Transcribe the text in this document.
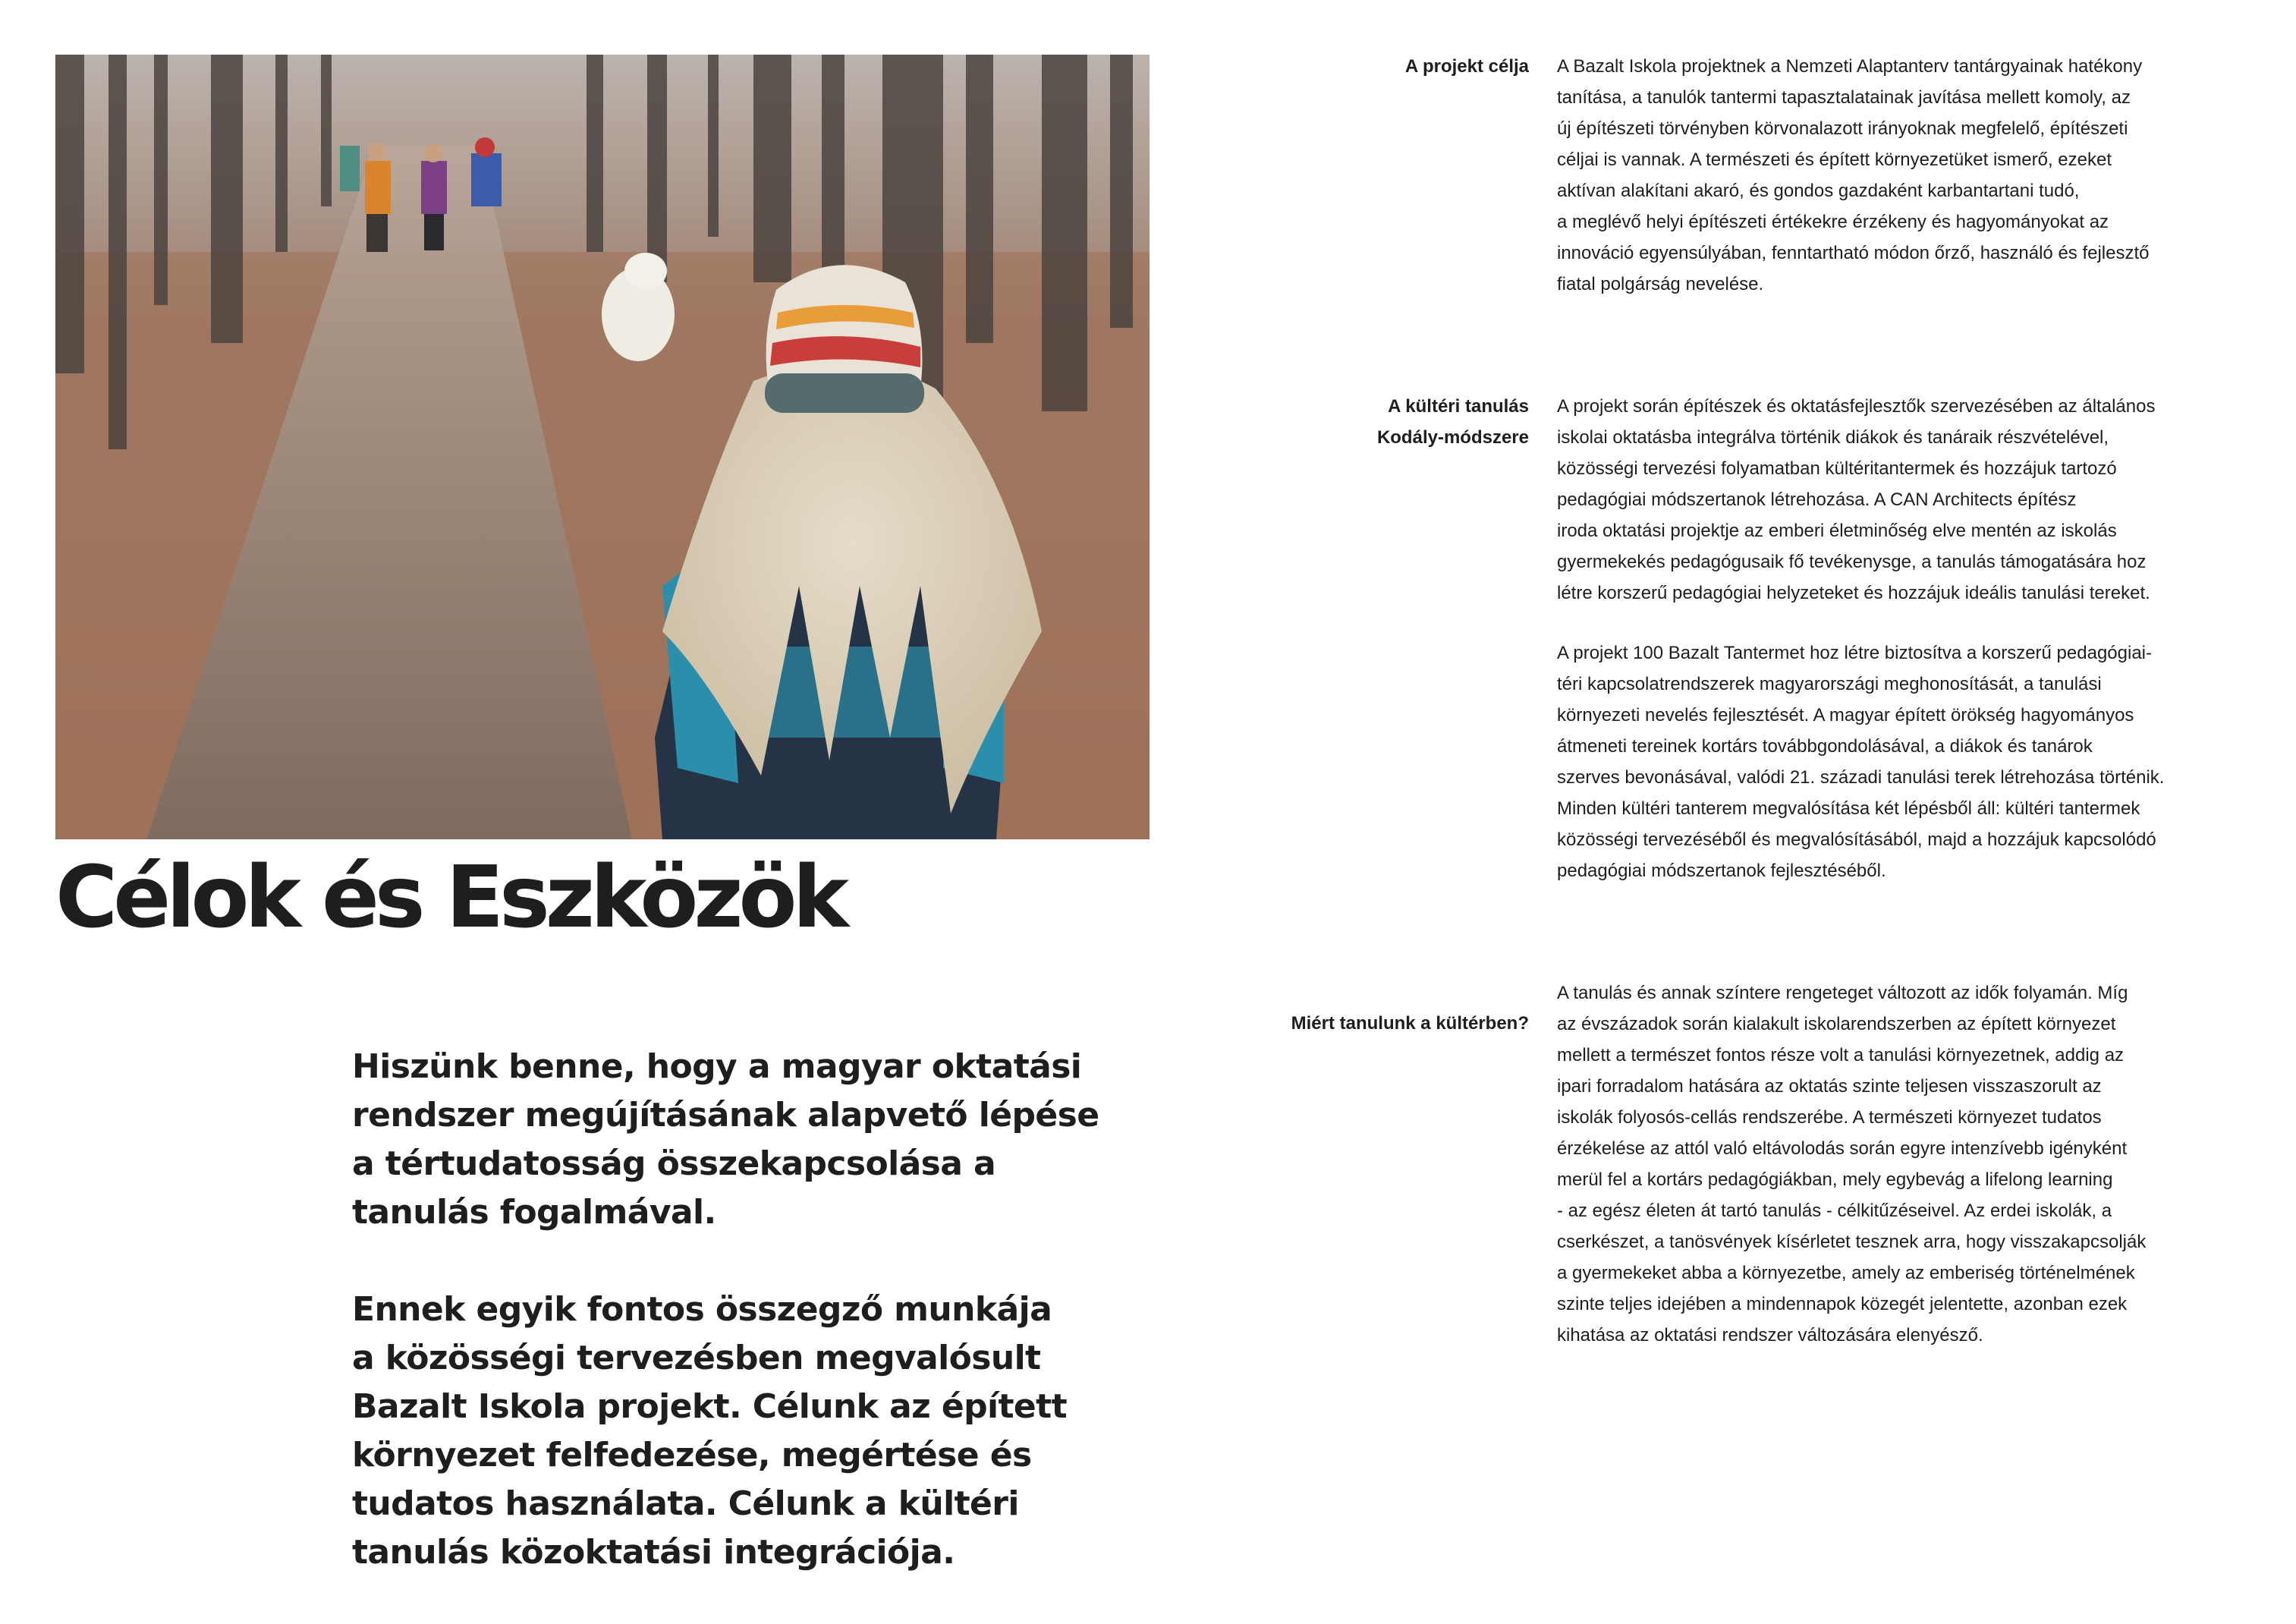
Célok és Eszközök

Hiszünk benne, hogy a magyar oktatási
rendszer megújításának alapvető lépése
a tértudatosság összekapcsolása a
tanulás fogalmával.

Ennek egyik fontos összegző munkája
a közösségi tervezésben megvalósult
Bazalt Iskola projekt. Célunk az épített
környezet felfedezése, megértése és
tudatos használata. Célunk a kültéri
tanulás közoktatási integrációja.

A projekt célja A Bazalt Iskola projektnek a Nemzeti Alaptanterv tantárgyainak hatékony
tanítása, a tanulók tantermi tapasztalatainak javítása mellett komoly, az
új építészeti törvényben körvonalazott irányoknak megfelelő, építészeti
céljai is vannak. A természeti és épített környezetüket ismerő, ezeket
aktívan alakítani akaró, és gondos gazdaként karbantartani tudó,
a meglévő helyi építészeti értékekre érzékeny és hagyományokat az
innováció egyensúlyában, fenntartható módon őrző, használó és fejlesztő
fiatal polgárság nevelése.

A kültéri tanulás
Kodály-módszere

A projekt során építészek és oktatásfejlesztők szervezésében az általános
iskolai oktatásba integrálva történik diákok és tanáraik részvételével,
közösségi tervezési folyamatban kültéritantermek és hozzájuk tartozó
pedagógiai módszertanok létrehozása. A CAN Architects építész
iroda oktatási projektje az emberi életminőség elve mentén az iskolás
gyermekekés pedagógusaik fő tevékenysge, a tanulás támogatására hoz
létre korszerű pedagógiai helyzeteket és hozzájuk ideális tanulási tereket.

A projekt 100 Bazalt Tantermet hoz létre biztosítva a korszerű pedagógiai-
téri kapcsolatrendszerek magyarországi meghonosítását, a tanulási
környezeti nevelés fejlesztését. A magyar épített örökség hagyományos
átmeneti tereinek kortárs továbbgondolásával, a diákok és tanárok
szerves bevonásával, valódi 21. századi tanulási terek létrehozása történik.
Minden kültéri tanterem megvalósítása két lépésből áll: kültéri tantermek
közösségi tervezéséből és megvalósításából, majd a hozzájuk kapcsolódó
pedagógiai módszertanok fejlesztéséből.

Miért tanulunk a kültérben?

A tanulás és annak színtere rengeteget változott az idők folyamán. Míg
az évszázadok során kialakult iskolarendszerben az épített környezet
mellett a természet fontos része volt a tanulási környezetnek, addig az
ipari forradalom hatására az oktatás szinte teljesen visszaszorult az
iskolák folyosós-cellás rendszerébe. A természeti környezet tudatos
érzékelése az attól való eltávolodás során egyre intenzívebb igényként
merül fel a kortárs pedagógiákban, mely egybevág a lifelong learning
- az egész életen át tartó tanulás - célkitűzéseivel. Az erdei iskolák, a
cserkészet, a tanösvények kísérletet tesznek arra, hogy visszakapcsolják
a gyermekeket abba a környezetbe, amely az emberiség történelmének
szinte teljes idejében a mindennapok közegét jelentette, azonban ezek
kihatása az oktatási rendszer változására elenyésző.
